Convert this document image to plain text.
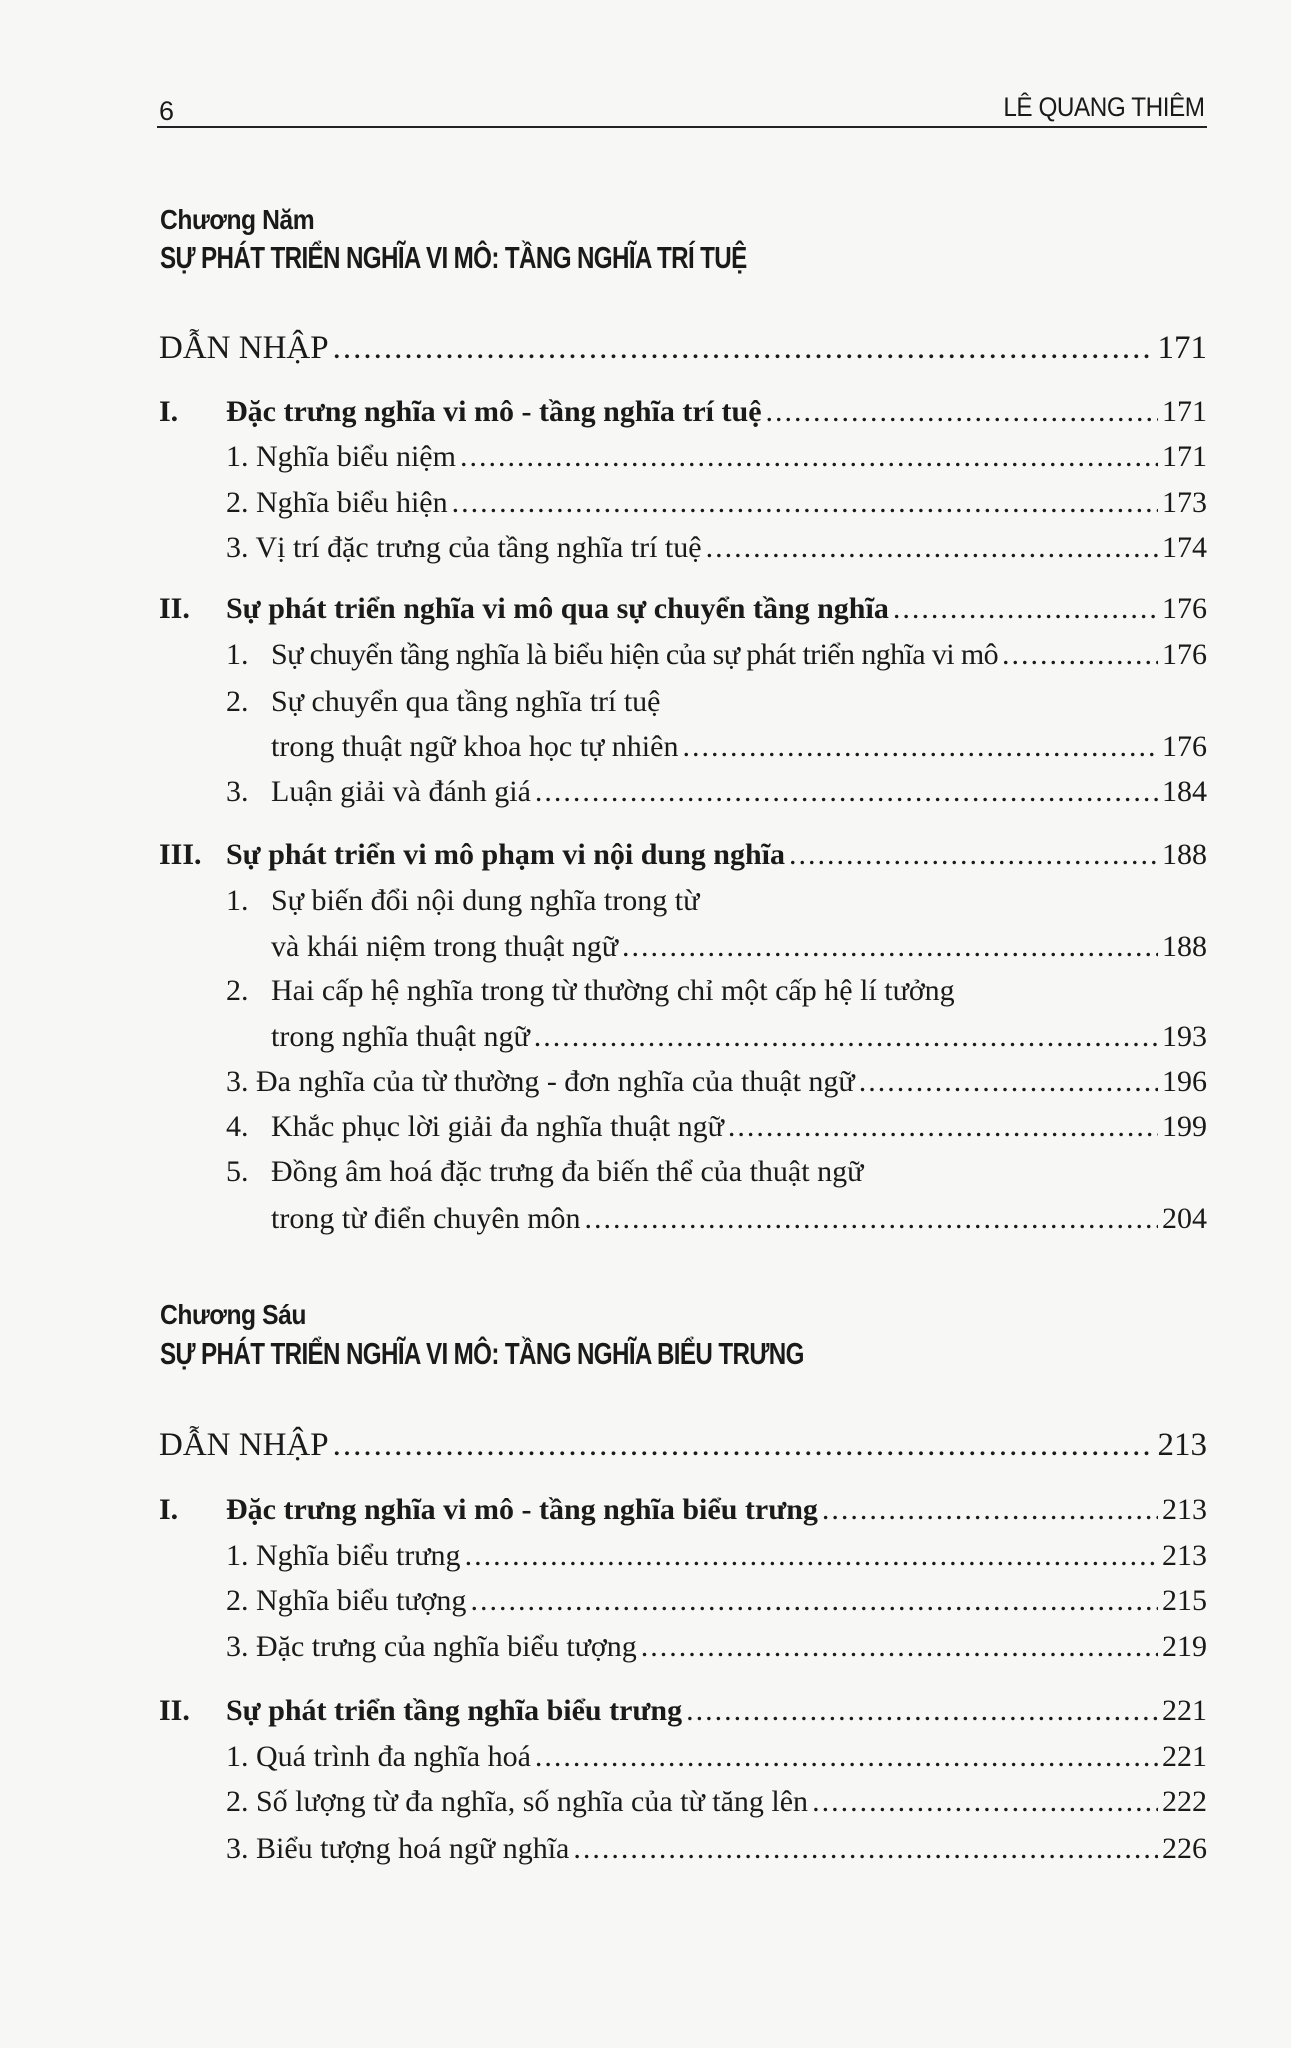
6	LÊ QUANG THIÊM
Chương Năm
SỰ PHÁT TRIỂN NGHĨA VI MÔ: TẦNG NGHĨA TRÍ TUỆ
DẪN NHẬP .....	171
I.	Đặc trưng nghĩa vi mô - tầng nghĩa trí tuệ .....	171
1. Nghĩa biểu niệm .....	171
2. Nghĩa biểu hiện .....	173
3. Vị trí đặc trưng của tầng nghĩa trí tuệ .....	174
II.	Sự phát triển nghĩa vi mô qua sự chuyển tầng nghĩa .....	176
1. Sự chuyển tầng nghĩa là biểu hiện của sự phát triển nghĩa vi mô .....	176
2. Sự chuyển qua tầng nghĩa trí tuệ
trong thuật ngữ khoa học tự nhiên .....	176
3. Luận giải và đánh giá .....	184
III. Sự phát triển vi mô phạm vi nội dung nghĩa .....	188
1. Sự biến đổi nội dung nghĩa trong từ
và khái niệm trong thuật ngữ .....	188
2. Hai cấp hệ nghĩa trong từ thường chỉ một cấp hệ lí tưởng
trong nghĩa thuật ngữ .....	193
3. Đa nghĩa của từ thường - đơn nghĩa của thuật ngữ .....	196
4. Khắc phục lời giải đa nghĩa thuật ngữ .....	199
5. Đồng âm hoá đặc trưng đa biến thể của thuật ngữ
trong từ điển chuyên môn .....	204
Chương Sáu
SỰ PHÁT TRIỂN NGHĨA VI MÔ: TẦNG NGHĨA BIỂU TRƯNG
DẪN NHẬP .....	213
I.	Đặc trưng nghĩa vi mô - tầng nghĩa biểu trưng .....	213
1. Nghĩa biểu trưng .....	213
2. Nghĩa biểu tượng .....	215
3. Đặc trưng của nghĩa biểu tượng .....	219
II.	Sự phát triển tầng nghĩa biểu trưng .....	221
1. Quá trình đa nghĩa hoá .....	221
2. Số lượng từ đa nghĩa, số nghĩa của từ tăng lên .....	222
3. Biểu tượng hoá ngữ nghĩa .....	226
